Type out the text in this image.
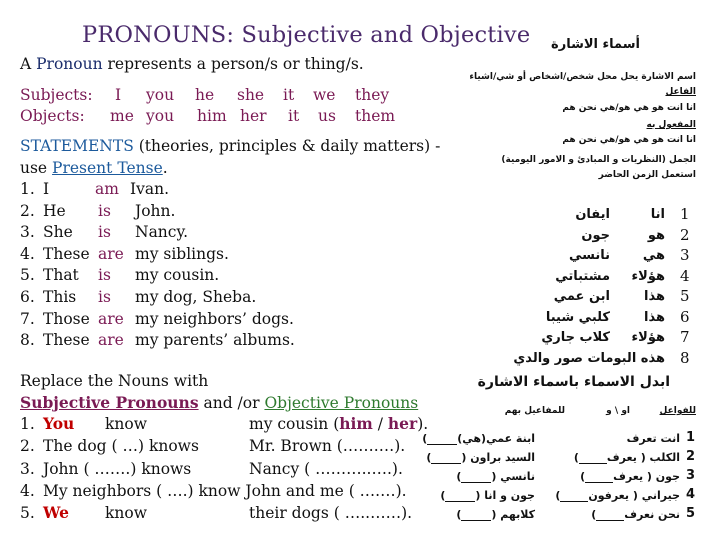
PRONOUNS: Subjective and Objective
A Pronoun represents a person/s or thing/s.
Subjects: I you he she it we they
Objects: me you him her it us them
STATEMENTS (theories, principles & daily matters) -
use Present Tense.
1. I	am Ivan.
2. He is John.
3. She is Nancy.
4. These are my siblings.
5. That is my cousin.
6. This is my dog, Sheba.
7. Those are my neighbors’ dogs.
8. These are my parents’ albums.
Replace the Nouns with
Subjective Pronouns and /or Objective Pronouns
1. You know	my cousin (him / her).
2. The dog ( …) knows	Mr. Brown (…….…).
3. John ( …….) knows	Nancy ( ………..….).
4. My neighbors ( ….) know John and me ( ….…).
5. We know	their dogs ( …..……).
أسماء الاشارة
اسم الاشارة يحل محل شخص/اشخاص أو شي/اشياء
الفاعل
انا انت هو هي هو/هي نحن هم
المفعول به
انا انت هو هي هو/هي نحن هم
الجمل (النظريات و المبادئ و الامور اليومية)
استعمل الزمن الحاضر
1
انا
ايفان
2
هو
جون
3
هي
نانسي
4
هؤلاء
مشتباتي
5
هذا
ابن عمي
6
هذا
كلبي شيبا
7
هؤلاء
كلاب جاري
8
هذه البومات صور والدي
ابدل الاسماء باسماء الاشارة
للفواعل
او \ و
للمفاعيل بهم
1
انت تعرف
ابنة عمي(هي))
2
الكلب ( يعرف)
السيد براون ()
3
جون ( يعرف)
نانسي ()
4
جيراني ( يعرفون)
جون و انا ()
5
نحن نعرف)
كلابهم ()
